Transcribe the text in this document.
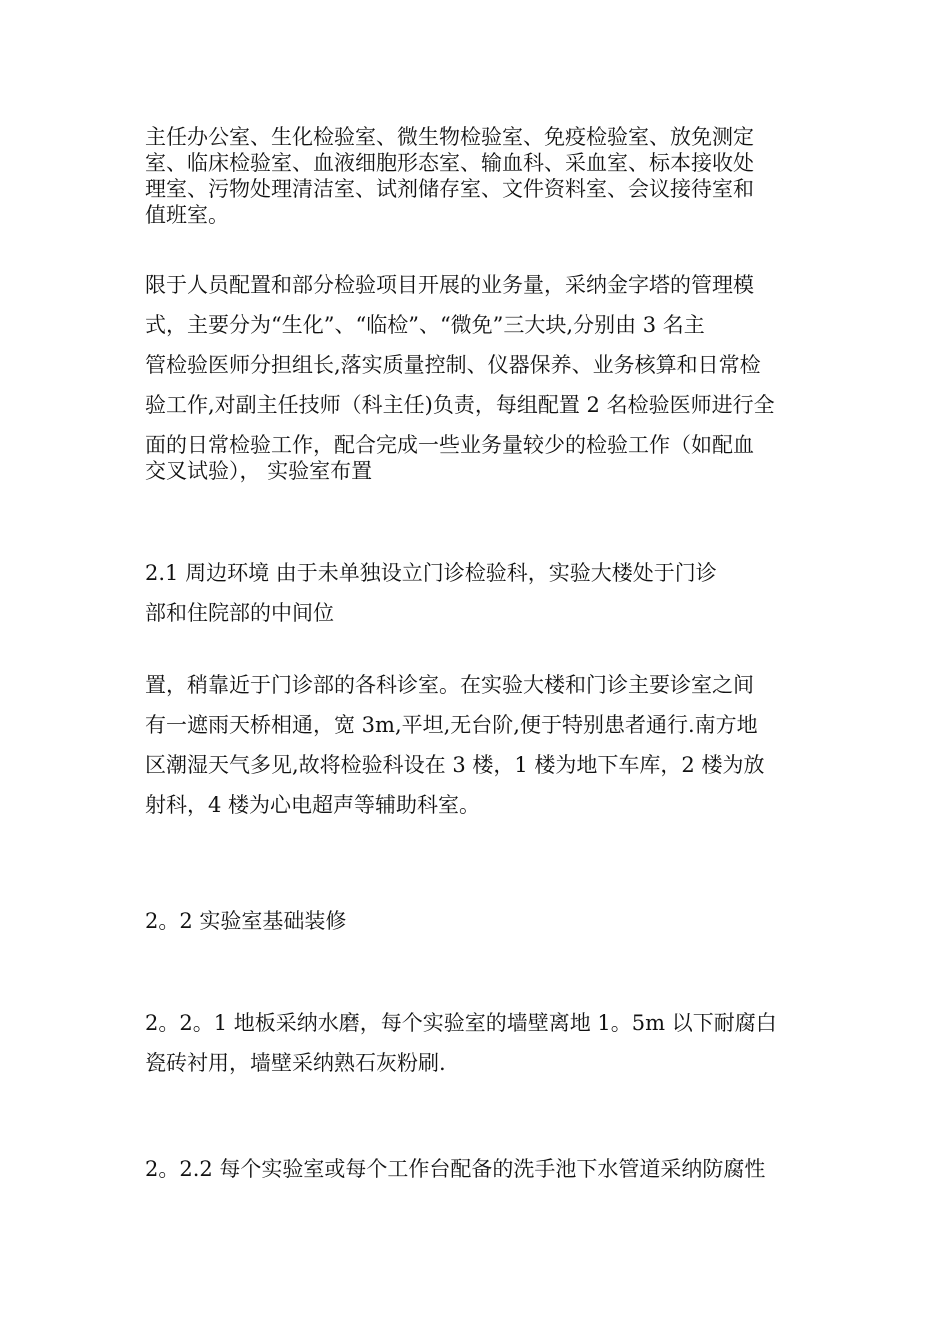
主任办公室、生化检验室、微生物检验室、免疫检验室、放免测定
室、临床检验室、血液细胞形态室、输血科、采血室、标本接收处
理室、污物处理清洁室、试剂储存室、文件资料室、会议接待室和
值班室。
限于人员配置和部分检验项目开展的业务量，采纳金字塔的管理模
式，主要分为“生化”、“临检”、“微免”三大块,分别由 3 名主
管检验医师分担组长,落实质量控制、仪器保养、业务核算和日常检
验工作,对副主任技师（科主任)负责，每组配置 2 名检验医师进行全
面的日常检验工作，配合完成一些业务量较少的检验工作（如配血
交叉试验）， 实验室布置
2.1 周边环境 由于未单独设立门诊检验科，实验大楼处于门诊
部和住院部的中间位
置，稍靠近于门诊部的各科诊室。在实验大楼和门诊主要诊室之间
有一遮雨天桥相通，宽 3m,平坦,无台阶,便于特别患者通行.南方地
区潮湿天气多见,故将检验科设在 3 楼，1 楼为地下车库，2 楼为放
射科，4 楼为心电超声等辅助科室。
2。2 实验室基础装修
2。2。1 地板采纳水磨，每个实验室的墙壁离地 1。5m 以下耐腐白
瓷砖衬用，墙壁采纳熟石灰粉刷.
2。2.2 每个实验室或每个工作台配备的洗手池下水管道采纳防腐性
